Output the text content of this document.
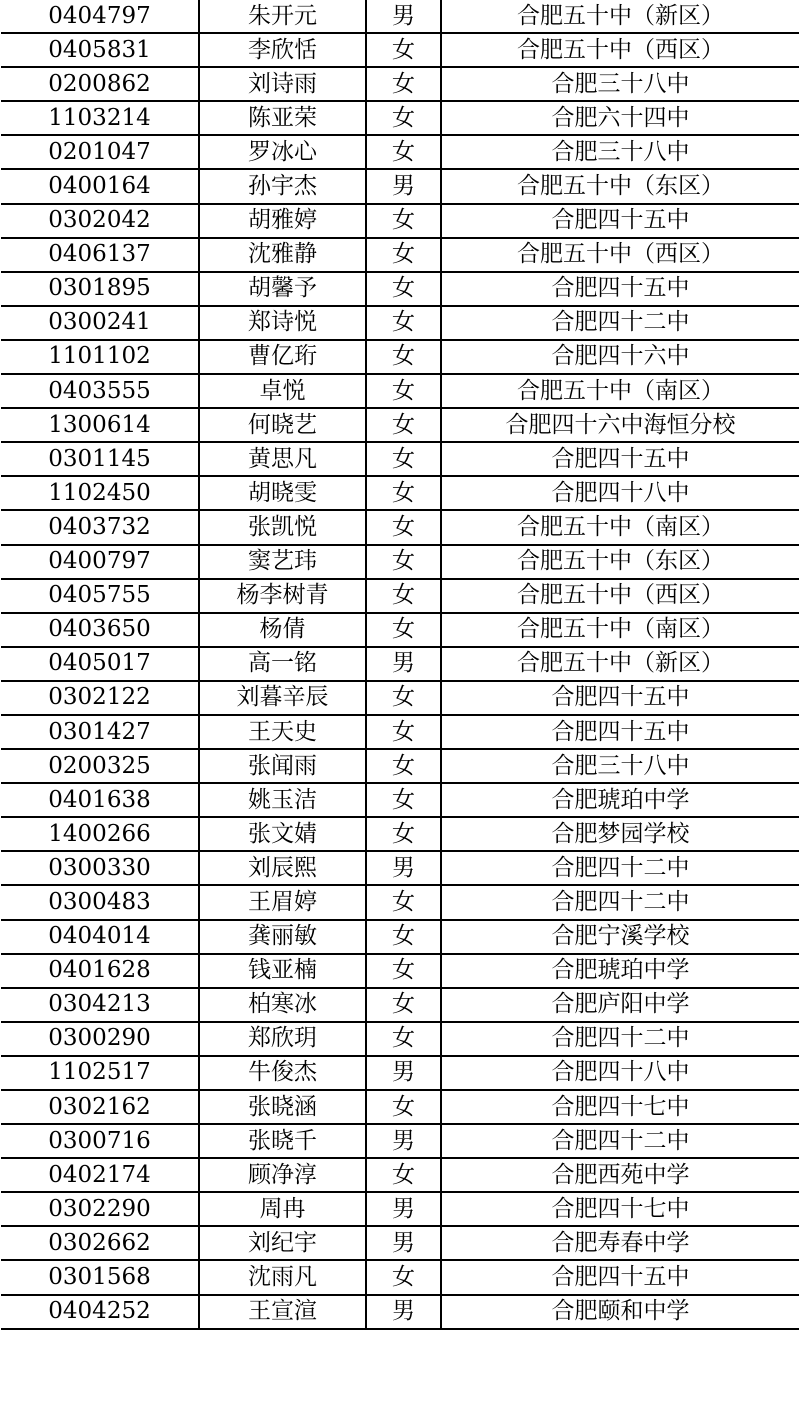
0404797	朱开元	男	合肥五十中（新区）
0405831	李欣恬	女	合肥五十中（西区）
0200862	刘诗雨	女	合肥三十八中
1103214	陈亚荣	女	合肥六十四中
0201047	罗冰心	女	合肥三十八中
0400164	孙宇杰	男	合肥五十中（东区）
0302042	胡雅婷	女	合肥四十五中
0406137	沈雅静	女	合肥五十中（西区）
0301895	胡馨予	女	合肥四十五中
0300241	郑诗悦	女	合肥四十二中
1101102	曹亿珩	女	合肥四十六中
0403555	卓悦	女	合肥五十中（南区）
1300614	何晓艺	女	合肥四十六中海恒分校
0301145	黄思凡	女	合肥四十五中
1102450	胡晓雯	女	合肥四十八中
0403732	张凯悦	女	合肥五十中（南区）
0400797	窦艺玮	女	合肥五十中（东区）
0405755	杨李树青	女	合肥五十中（西区）
0403650	杨倩	女	合肥五十中（南区）
0405017	高一铭	男	合肥五十中（新区）
0302122	刘暮辛辰	女	合肥四十五中
0301427	王天史	女	合肥四十五中
0200325	张闻雨	女	合肥三十八中
0401638	姚玉洁	女	合肥琥珀中学
1400266	张文婧	女	合肥梦园学校
0300330	刘辰熙	男	合肥四十二中
0300483	王眉婷	女	合肥四十二中
0404014	龚丽敏	女	合肥宁溪学校
0401628	钱亚楠	女	合肥琥珀中学
0304213	柏寒冰	女	合肥庐阳中学
0300290	郑欣玥	女	合肥四十二中
1102517	牛俊杰	男	合肥四十八中
0302162	张晓涵	女	合肥四十七中
0300716	张晓千	男	合肥四十二中
0402174	顾净淳	女	合肥西苑中学
0302290	周冉	男	合肥四十七中
0302662	刘纪宇	男	合肥寿春中学
0301568	沈雨凡	女	合肥四十五中
0404252	王宣渲	男	合肥颐和中学
